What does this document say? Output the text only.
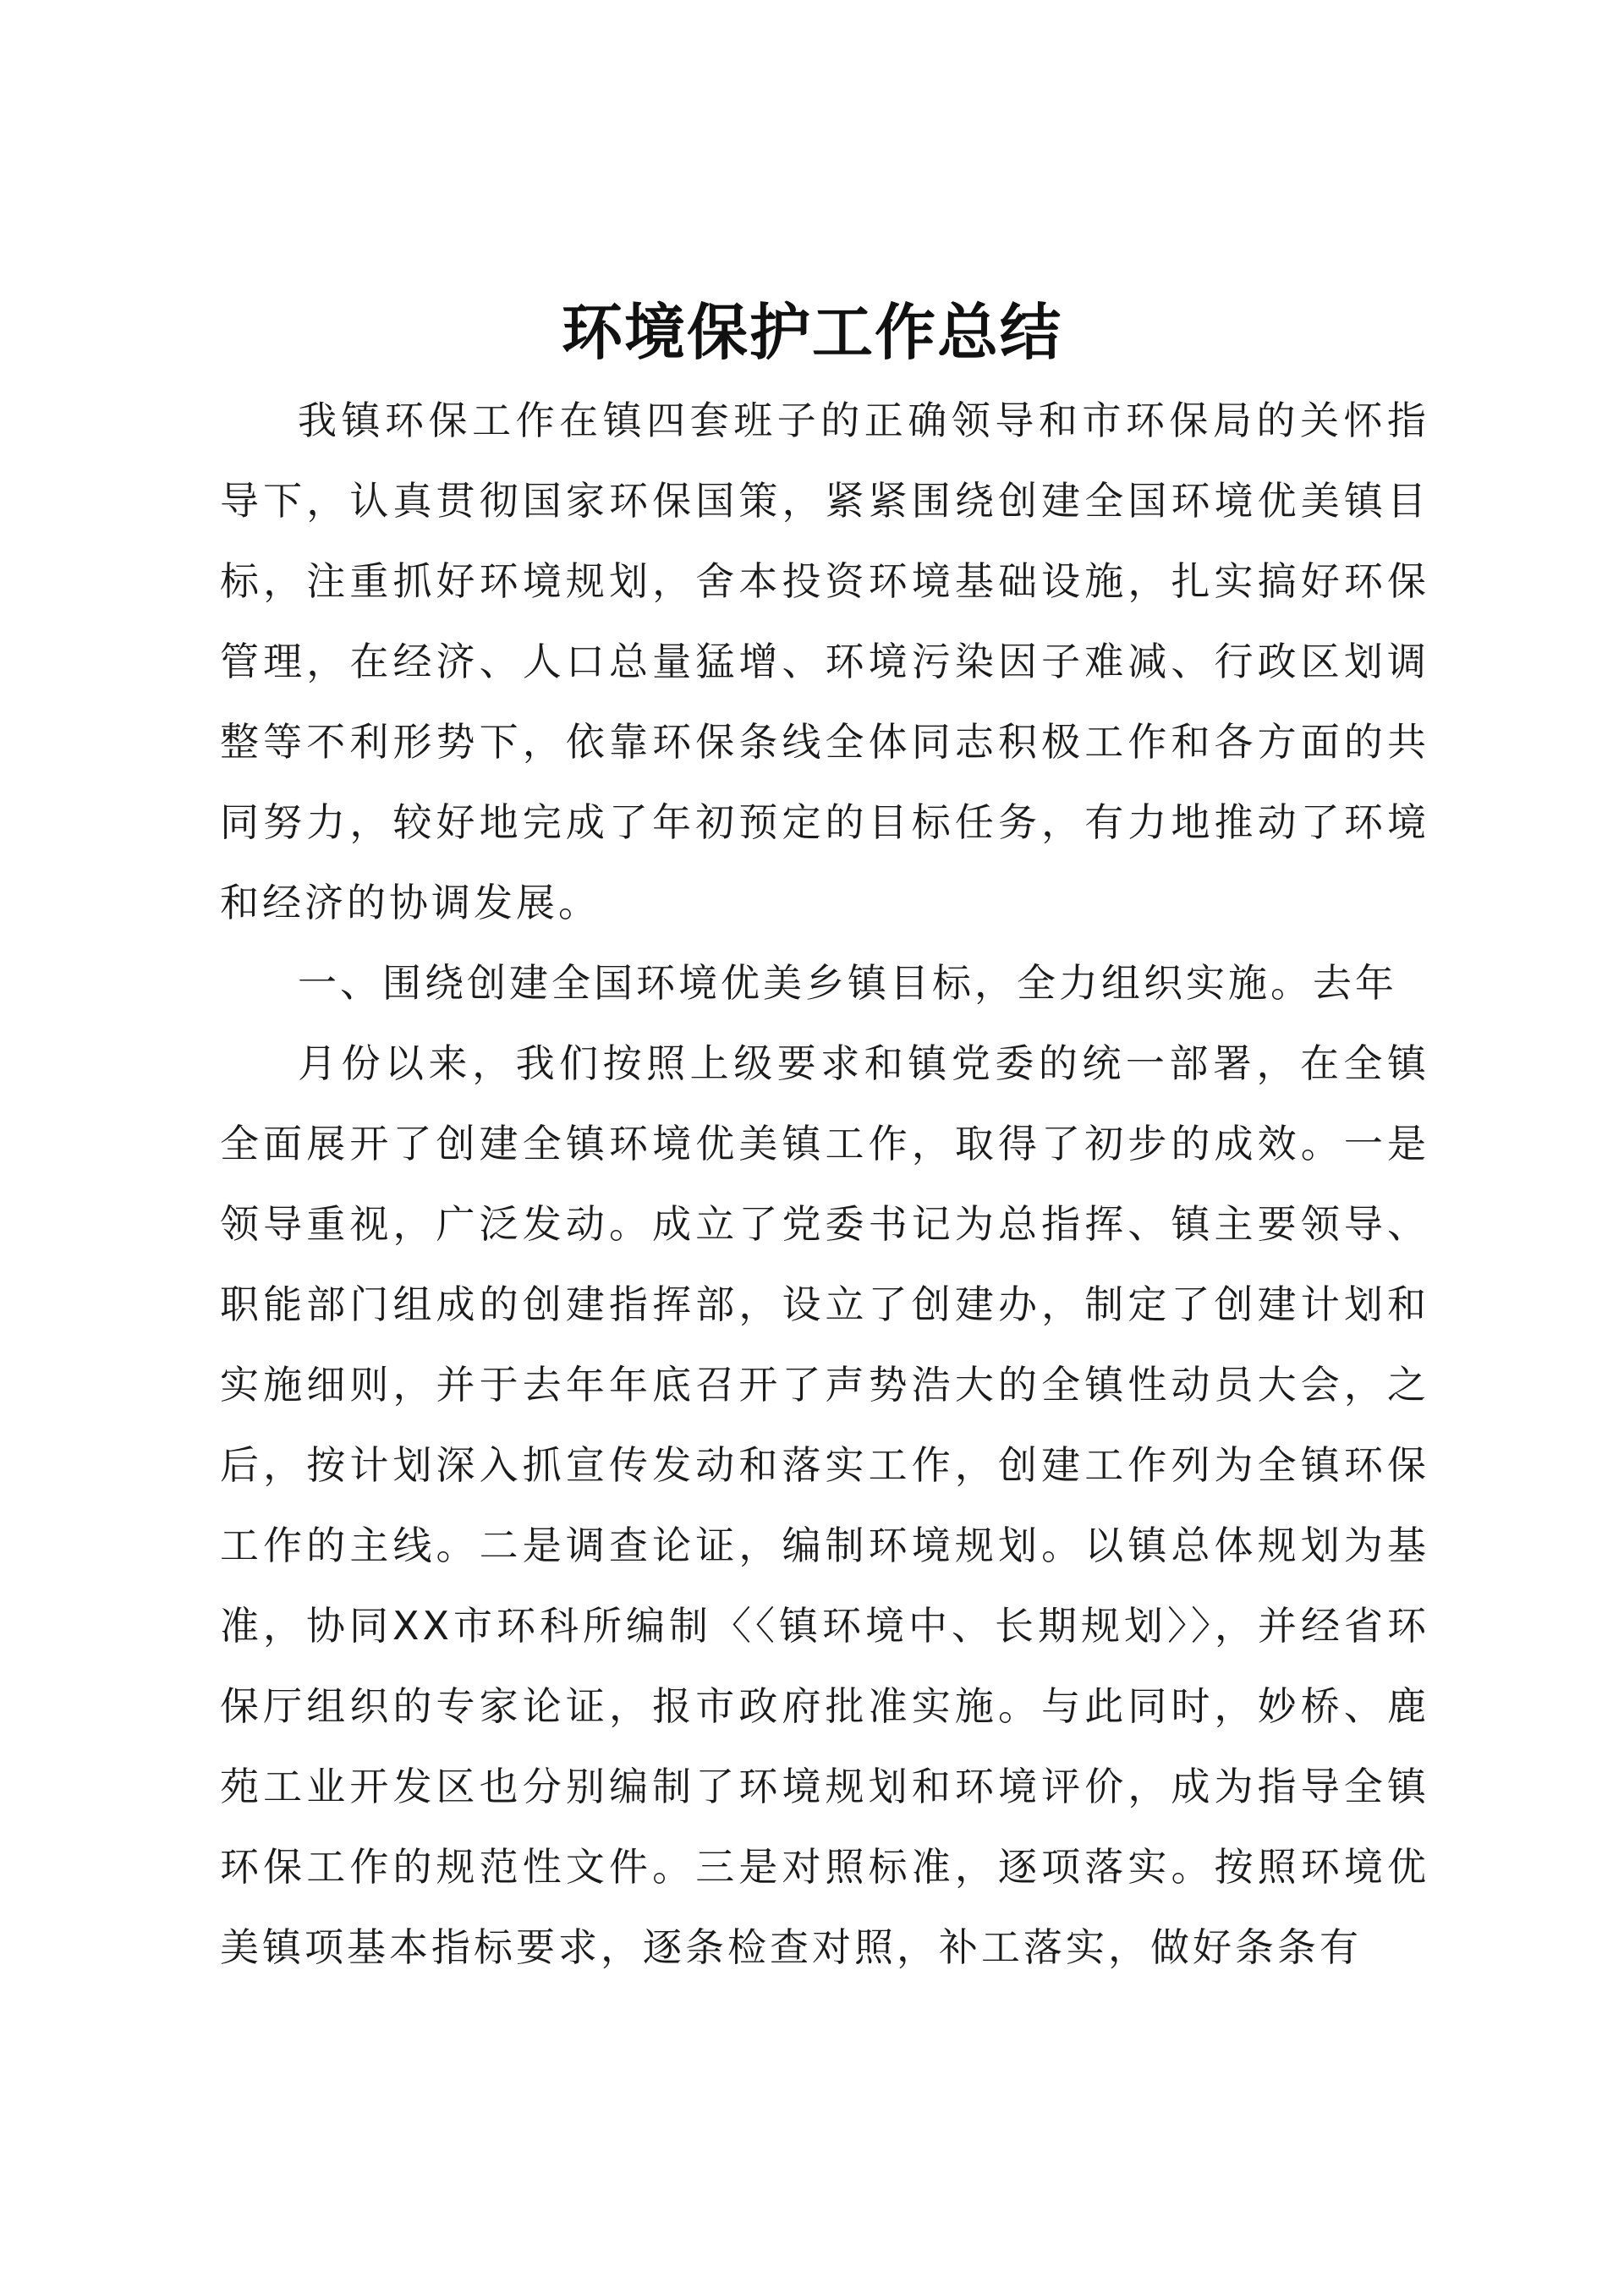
环境保护工作总结

我镇环保工作在镇四套班子的正确领导和市环保局的关怀指导下，认真贯彻国家环保国策，紧紧围绕创建全国环境优美镇目标，注重抓好环境规划，舍本投资环境基础设施，扎实搞好环保管理，在经济、人口总量猛增、环境污染因子难减、行政区划调整等不利形势下，依靠环保条线全体同志积极工作和各方面的共同努力，较好地完成了年初预定的目标任务，有力地推动了环境和经济的协调发展。

一、围绕创建全国环境优美乡镇目标，全力组织实施。去年

月份以来，我们按照上级要求和镇党委的统一部署，在全镇全面展开了创建全镇环境优美镇工作，取得了初步的成效。一是领导重视，广泛发动。成立了党委书记为总指挥、镇主要领导、职能部门组成的创建指挥部，设立了创建办，制定了创建计划和实施细则，并于去年年底召开了声势浩大的全镇性动员大会，之后，按计划深入抓宣传发动和落实工作，创建工作列为全镇环保工作的主线。二是调查论证，编制环境规划。以镇总体规划为基准，协同XX市环科所编制〈〈镇环境中、长期规划〉〉，并经省环保厅组织的专家论证，报市政府批准实施。与此同时，妙桥、鹿苑工业开发区也分别编制了环境规划和环境评价，成为指导全镇环保工作的规范性文件。三是对照标准，逐项落实。按照环境优美镇项基本指标要求，逐条检查对照，补工落实，做好条条有
